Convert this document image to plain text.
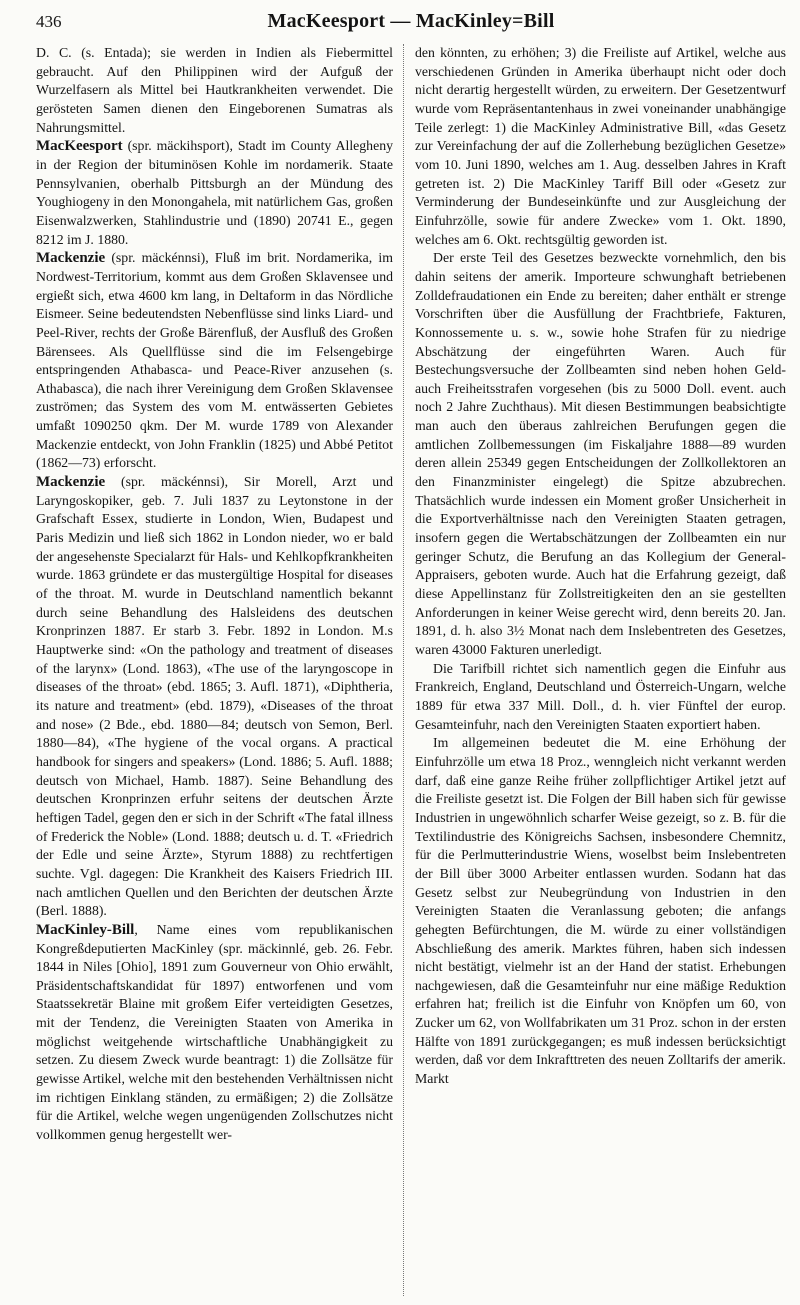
436	MacKeesport — MacKinley=Bill

D. C. (s. Entada); sie werden in Indien als Fiebermittel gebraucht. Auf den Philippinen wird der Aufguß der Wurzelfasern als Mittel bei Hautkrankheiten verwendet. Die gerösteten Samen dienen den Eingeborenen Sumatras als Nahrungsmittel.

MacKeesport (spr. mäckihsport), Stadt im County Allegheny in der Region der bituminösen Kohle im nordamerik. Staate Pennsylvanien, oberhalb Pittsburgh an der Mündung des Youghiogeny in den Monongahela, mit natürlichem Gas, großen Eisenwalzwerken, Stahlindustrie und (1890) 20741 E., gegen 8212 im J. 1880.

Mackenzie (spr. mäckénnsi), Fluß im brit. Nordamerika, im Nordwest-Territorium, kommt aus dem Großen Sklavensee und ergießt sich, etwa 4600 km lang, in Deltaform in das Nördliche Eismeer. Seine bedeutendsten Nebenflüsse sind links Liard- und Peel-River, rechts der Große Bärenfluß, der Ausfluß des Großen Bärensees. Als Quellflüsse sind die im Felsengebirge entspringenden Athabasca- und Peace-River anzusehen (s. Athabasca), die nach ihrer Vereinigung dem Großen Sklavensee zuströmen; das System des vom M. entwässerten Gebietes umfaßt 1090250 qkm. Der M. wurde 1789 von Alexander Mackenzie entdeckt, von John Franklin (1825) und Abbé Petitot (1862—73) erforscht.

Mackenzie (spr. mäckénnsi), Sir Morell, Arzt und Laryngoskopiker, geb. 7. Juli 1837 zu Leytonstone in der Grafschaft Essex, studierte in London, Wien, Budapest und Paris Medizin und ließ sich 1862 in London nieder, wo er bald der angesehenste Specialarzt für Hals- und Kehlkopfkrankheiten wurde. 1863 gründete er das mustergültige Hospital for diseases of the throat. M. wurde in Deutschland namentlich bekannt durch seine Behandlung des Halsleidens des deutschen Kronprinzen 1887. Er starb 3. Febr. 1892 in London. M.s Hauptwerke sind: «On the pathology and treatment of diseases of the larynx» (Lond. 1863), «The use of the laryngoscope in diseases of the throat» (ebd. 1865; 3. Aufl. 1871), «Diphtheria, its nature and treatment» (ebd. 1879), «Diseases of the throat and nose» (2 Bde., ebd. 1880—84; deutsch von Semon, Berl. 1880—84), «The hygiene of the vocal organs. A practical handbook for singers and speakers» (Lond. 1886; 5. Aufl. 1888; deutsch von Michael, Hamb. 1887). Seine Behandlung des deutschen Kronprinzen erfuhr seitens der deutschen Ärzte heftigen Tadel, gegen den er sich in der Schrift «The fatal illness of Frederick the Noble» (Lond. 1888; deutsch u. d. T. «Friedrich der Edle und seine Ärzte», Styrum 1888) zu rechtfertigen suchte. Vgl. dagegen: Die Krankheit des Kaisers Friedrich III. nach amtlichen Quellen und den Berichten der deutschen Ärzte (Berl. 1888).

MacKinley-Bill, Name eines vom republikanischen Kongreßdeputierten MacKinley (spr. mäckinnlé, geb. 26. Febr. 1844 in Niles [Ohio], 1891 zum Gouverneur von Ohio erwählt, Präsidentschaftskandidat für 1897) entworfenen und vom Staatssekretär Blaine mit großem Eifer verteidigten Gesetzes, mit der Tendenz, die Vereinigten Staaten von Amerika in möglichst weitgehende wirtschaftliche Unabhängigkeit zu setzen. Zu diesem Zweck wurde beantragt: 1) die Zollsätze für gewisse Artikel, welche mit den bestehenden Verhältnissen nicht im richtigen Einklang ständen, zu ermäßigen; 2) die Zollsätze für die Artikel, welche wegen ungenügenden Zollschutzes nicht vollkommen genug hergestellt wer-

den könnten, zu erhöhen; 3) die Freiliste auf Artikel, welche aus verschiedenen Gründen in Amerika überhaupt nicht oder doch nicht derartig hergestellt würden, zu erweitern. Der Gesetzentwurf wurde vom Repräsentantenhaus in zwei voneinander unabhängige Teile zerlegt: 1) die MacKinley Administrative Bill, «das Gesetz zur Vereinfachung der auf die Zollerhebung bezüglichen Gesetze» vom 10. Juni 1890, welches am 1. Aug. desselben Jahres in Kraft getreten ist. 2) Die MacKinley Tariff Bill oder «Gesetz zur Verminderung der Bundeseinkünfte und zur Ausgleichung der Einfuhrzölle, sowie für andere Zwecke» vom 1. Okt. 1890, welches am 6. Okt. rechtsgültig geworden ist.

Der erste Teil des Gesetzes bezweckte vornehmlich, den bis dahin seitens der amerik. Importeure schwunghaft betriebenen Zolldefraudationen ein Ende zu bereiten; daher enthält er strenge Vorschriften über die Ausfüllung der Frachtbriefe, Fakturen, Konnossemente u. s. w., sowie hohe Strafen für zu niedrige Abschätzung der eingeführten Waren. Auch für Bestechungsversuche der Zollbeamten sind neben hohen Geld- auch Freiheitsstrafen vorgesehen (bis zu 5000 Doll. event. auch noch 2 Jahre Zuchthaus). Mit diesen Bestimmungen beabsichtigte man auch den überaus zahlreichen Berufungen gegen die amtlichen Zollbemessungen (im Fiskaljahre 1888—89 wurden deren allein 25349 gegen Entscheidungen der Zollkollektoren an den Finanzminister eingelegt) die Spitze abzubrechen. Thatsächlich wurde indessen ein Moment großer Unsicherheit in die Exportverhältnisse nach den Vereinigten Staaten getragen, insofern gegen die Wertabschätzungen der Zollbeamten ein nur geringer Schutz, die Berufung an das Kollegium der General-Appraisers, geboten wurde. Auch hat die Erfahrung gezeigt, daß diese Appellinstanz für Zollstreitigkeiten den an sie gestellten Anforderungen in keiner Weise gerecht wird, denn bereits 20. Jan. 1891, d. h. also 3½ Monat nach dem Inslebentreten des Gesetzes, waren 43000 Fakturen unerledigt.

Die Tarifbill richtet sich namentlich gegen die Einfuhr aus Frankreich, England, Deutschland und Österreich-Ungarn, welche 1889 für etwa 337 Mill. Doll., d. h. vier Fünftel der europ. Gesamteinfuhr, nach den Vereinigten Staaten exportiert haben.

Im allgemeinen bedeutet die M. eine Erhöhung der Einfuhrzölle um etwa 18 Proz., wenngleich nicht verkannt werden darf, daß eine ganze Reihe früher zollpflichtiger Artikel jetzt auf die Freiliste gesetzt ist. Die Folgen der Bill haben sich für gewisse Industrien in ungewöhnlich scharfer Weise gezeigt, so z. B. für die Textilindustrie des Königreichs Sachsen, insbesondere Chemnitz, für die Perlmutterindustrie Wiens, woselbst beim Inslebentreten der Bill über 3000 Arbeiter entlassen wurden. Sodann hat das Gesetz selbst zur Neubegründung von Industrien in den Vereinigten Staaten die Veranlassung geboten; die anfangs gehegten Befürchtungen, die M. würde zu einer vollständigen Abschließung des amerik. Marktes führen, haben sich indessen nicht bestätigt, vielmehr ist an der Hand der statist. Erhebungen nachgewiesen, daß die Gesamteinfuhr nur eine mäßige Reduktion erfahren hat; freilich ist die Einfuhr von Knöpfen um 60, von Zucker um 62, von Wollfabrikaten um 31 Proz. schon in der ersten Hälfte von 1891 zurückgegangen; es muß indessen berücksichtigt werden, daß vor dem Inkrafttreten des neuen Zolltarifs der amerik. Markt
